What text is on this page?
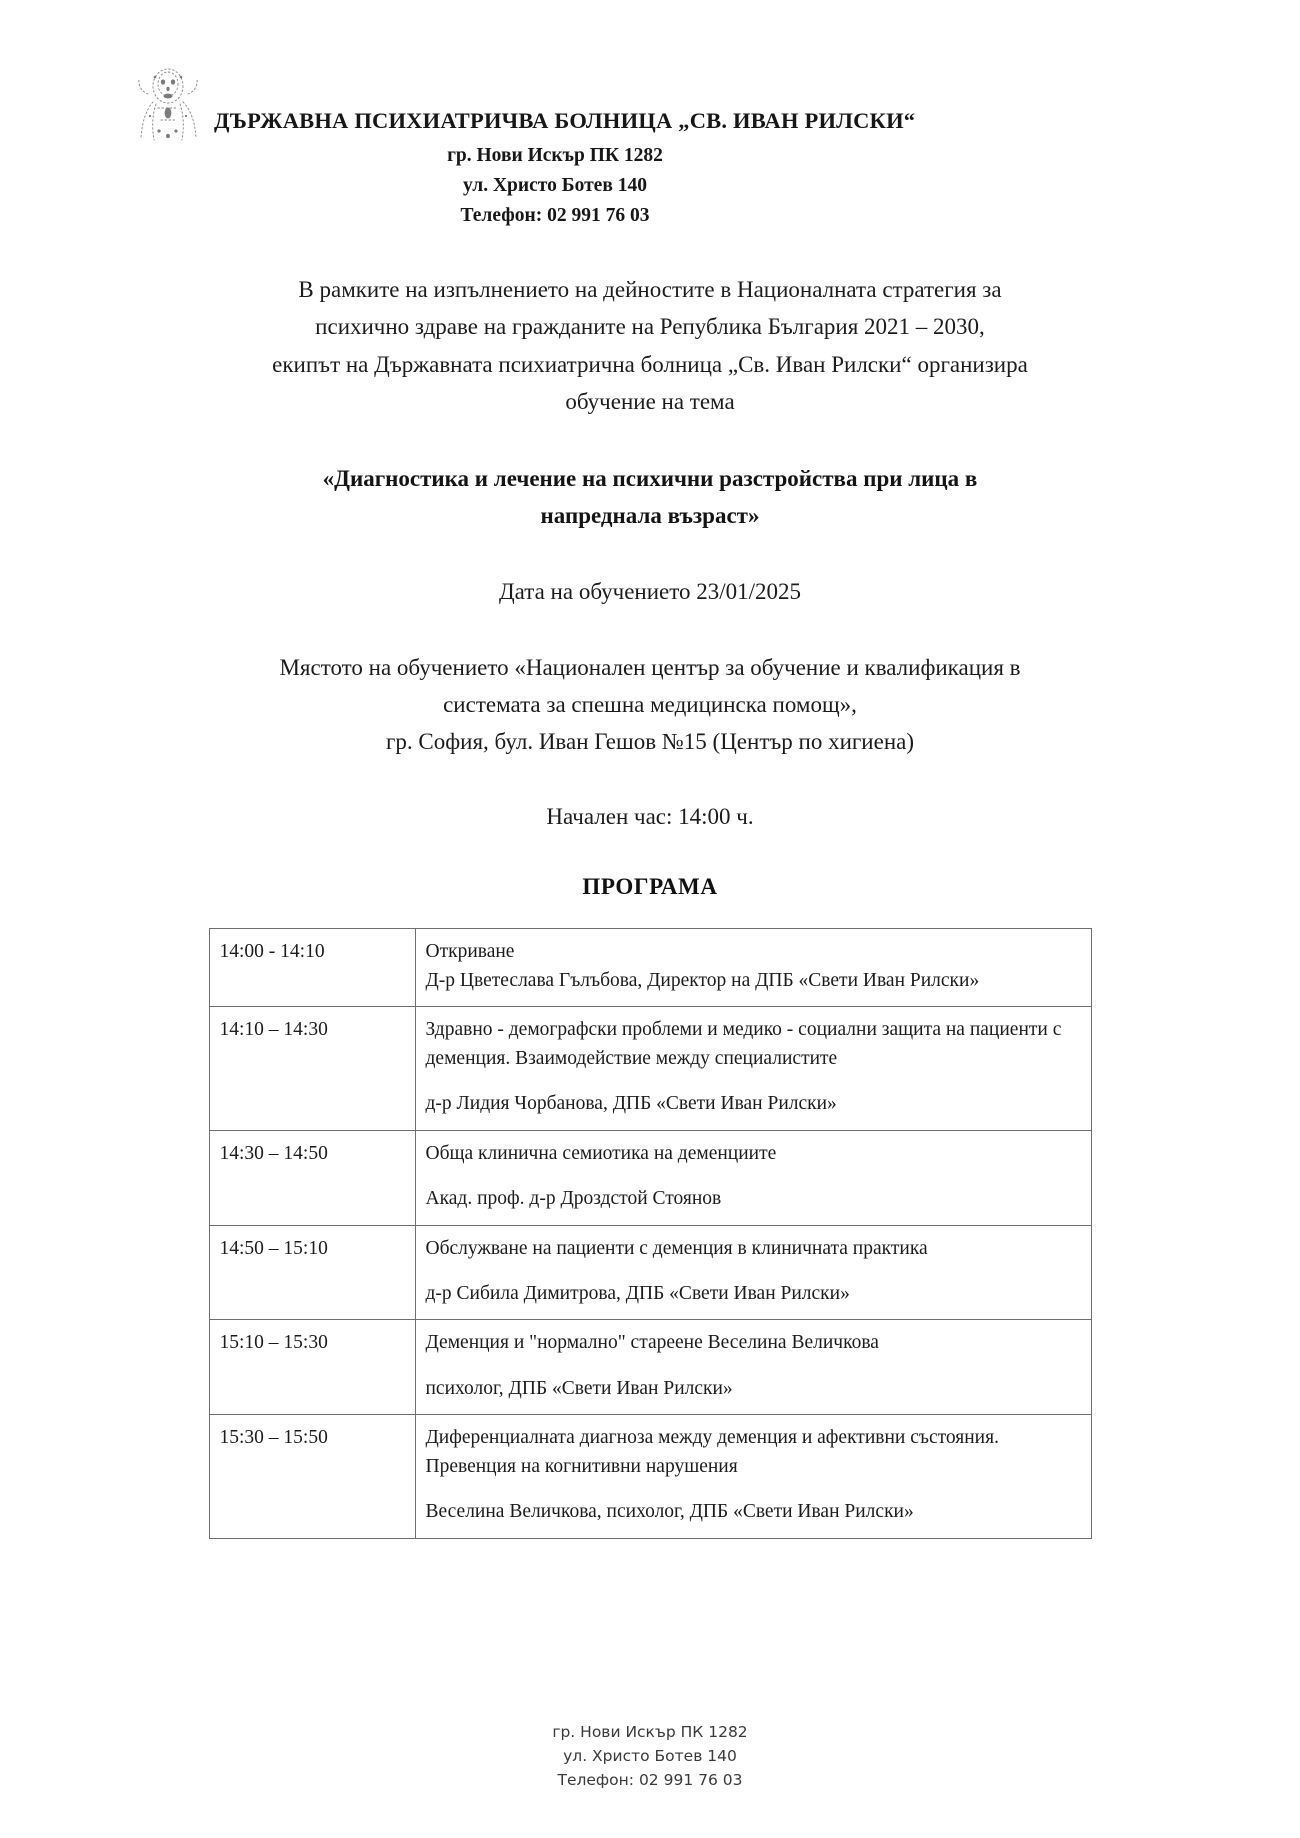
ДЪРЖАВНА ПСИХИАТРИЧВА БОЛНИЦА „СВ. ИВАН РИЛСКИ“
гр. Нови Искър ПК 1282
ул. Христо Ботев 140
Телефон: 02 991 76 03
В рамките на изпълнението на дейностите в Националната стратегия за
психично здраве на гражданите на Република България 2021 – 2030,
екипът на Държавната психиатрична болница „Св. Иван Рилски“ организира
обучение на тема
«Диагностика и лечение на психични разстройства при лица в
напреднала възраст»
Дата на обучението 23/01/2025
Мястото на обучението «Национален център за обучение и квалификация в
системата за спешна медицинска помощ»,
гр. София, бул. Иван Гешов №15 (Център по хигиена)
Начален час: 14:00 ч.
ПРОГРАМА
14:00 - 14:10	Откриване
Д-р Цветеслава Гълъбова, Директор на ДПБ «Свети Иван Рилски»

14:10 – 14:30	Здравно - демографски проблеми и медико - социални защита на пациенти с деменция. Взаимодействие между специалистите
д-р Лидия Чорбанова, ДПБ «Свети Иван Рилски»

14:30 – 14:50	Обща клинична семиотика на деменциите
Акад. проф. д-р Дроздстой Стоянов

14:50 – 15:10	Обслужване на пациенти с деменция в клиничната практика
д-р Сибила Димитрова, ДПБ «Свети Иван Рилски»

15:10 – 15:30	Деменция и "нормално" стареене Веселина Величкова
психолог, ДПБ «Свети Иван Рилски»

15:30 – 15:50	Диференциалната диагноза между деменция и афективни състояния. Превенция на когнитивни нарушения
Веселина Величкова, психолог, ДПБ «Свети Иван Рилски»
гр. Нови Искър ПК 1282
ул. Христо Ботев 140
Телефон: 02 991 76 03
